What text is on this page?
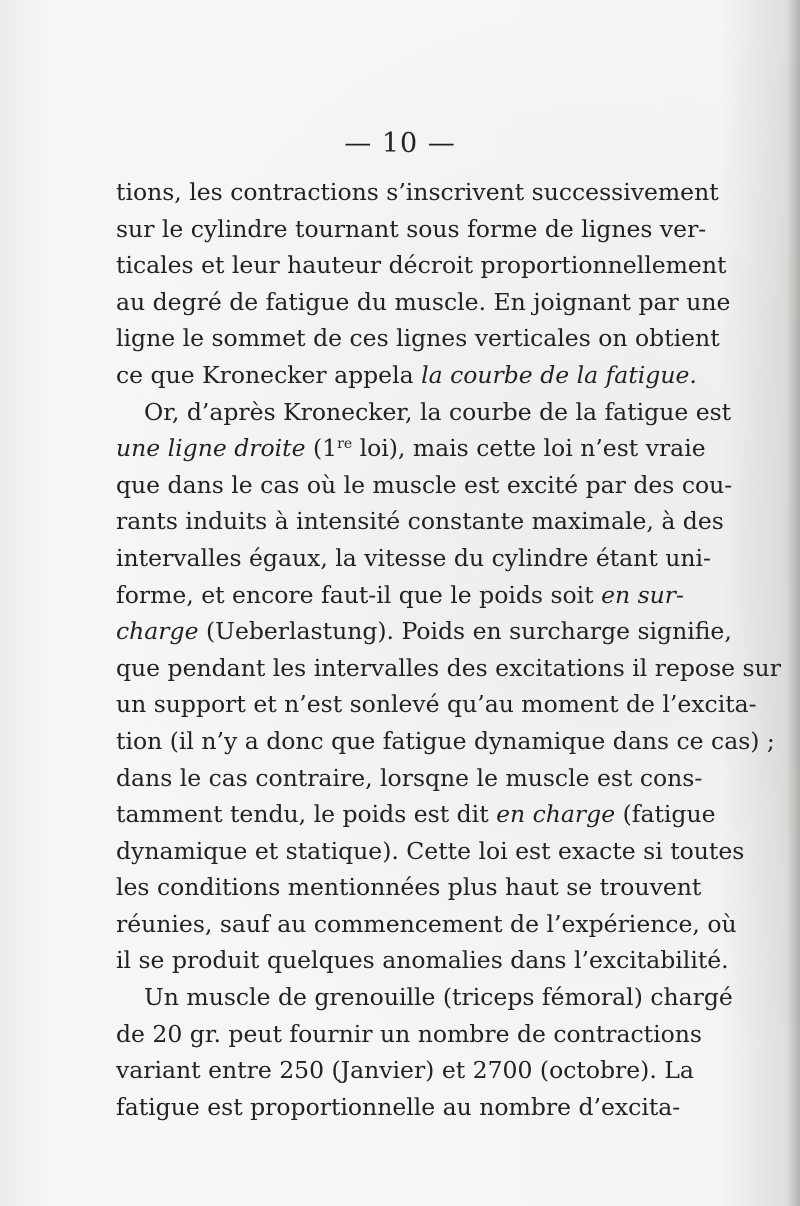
— 10 —
tions, les contractions s’inscrivent successivement
sur le cylindre tournant sous forme de lignes ver-
ticales et leur hauteur décroit proportionnellement
au degré de fatigue du muscle. En joignant par une
ligne le sommet de ces lignes verticales on obtient
ce que Kronecker appela la courbe de la fatigue.
Or, d’après Kronecker, la courbe de la fatigue est
une ligne droite (1re loi), mais cette loi n’est vraie
que dans le cas où le muscle est excité par des cou-
rants induits à intensité constante maximale, à des
intervalles égaux, la vitesse du cylindre étant uni-
forme, et encore faut-il que le poids soit en sur-
charge (Ueberlastung). Poids en surcharge signifie,
que pendant les intervalles des excitations il repose sur
un support et n’est sonlevé qu’au moment de l’excita-
tion (il n’y a donc que fatigue dynamique dans ce cas) ;
dans le cas contraire, lorsqne le muscle est cons-
tamment tendu, le poids est dit en charge (fatigue
dynamique et statique). Cette loi est exacte si toutes
les conditions mentionnées plus haut se trouvent
réunies, sauf au commencement de l’expérience, où
il se produit quelques anomalies dans l’excitabilité.
Un muscle de grenouille (triceps fémoral) chargé
de 20 gr. peut fournir un nombre de contractions
variant entre 250 (Janvier) et 2700 (octobre). La
fatigue est proportionnelle au nombre d’excita-
